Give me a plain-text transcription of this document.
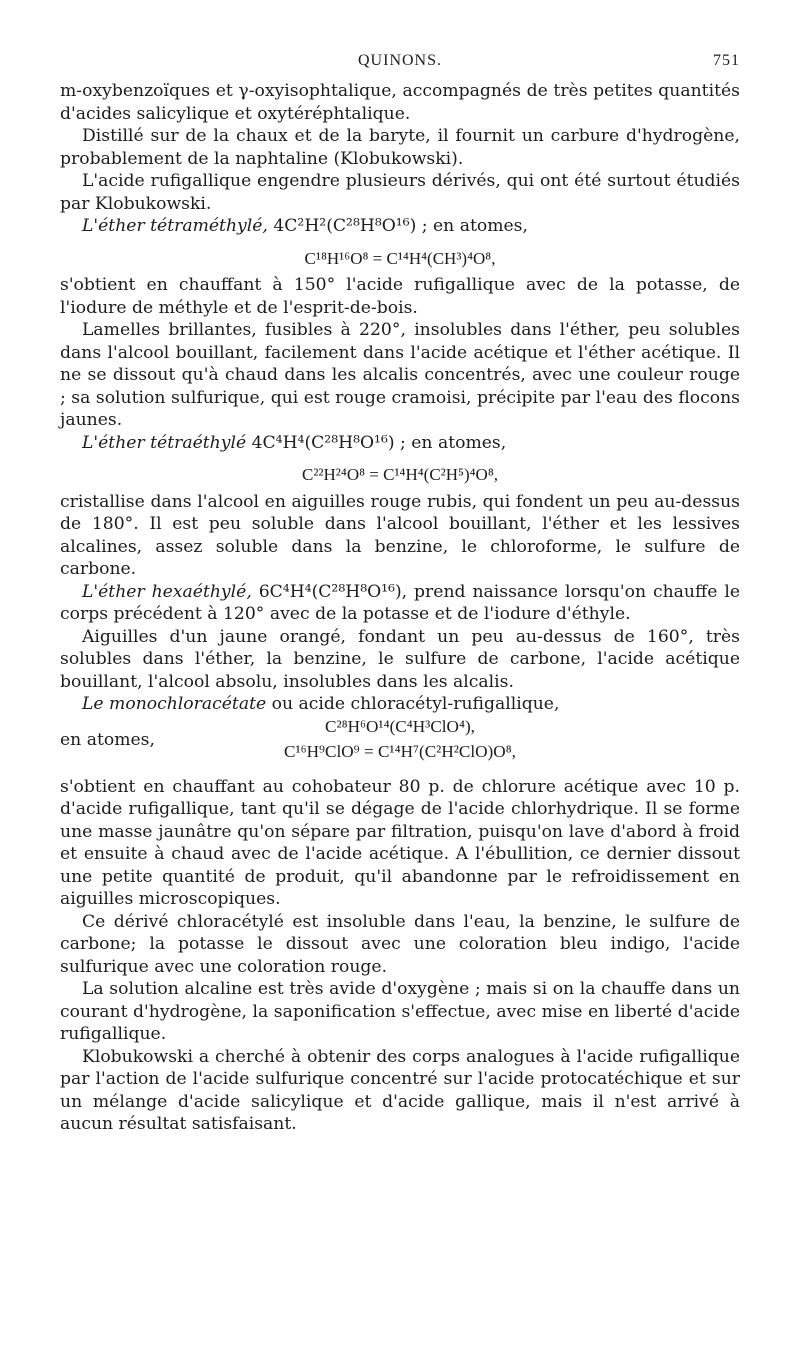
QUINONS.	751

m-oxybenzoïques et γ-oxyisophtalique, accompagnés de très petites quantités d'acides salicylique et oxytéréphtalique.

Distillé sur de la chaux et de la baryte, il fournit un carbure d'hydrogène, probablement de la naphtaline (Klobukowski).

L'acide rufigallique engendre plusieurs dérivés, qui ont été surtout étudiés par Klobukowski.

L'éther tétraméthylé, 4C²H²(C²⁸H⁸O¹⁶) ; en atomes,

C¹⁸H¹⁶O⁸ = C¹⁴H⁴(CH³)⁴O⁸,

s'obtient en chauffant à 150° l'acide rufigallique avec de la potasse, de l'iodure de méthyle et de l'esprit-de-bois.

Lamelles brillantes, fusibles à 220°, insolubles dans l'éther, peu solubles dans l'alcool bouillant, facilement dans l'acide acétique et l'éther acétique. Il ne se dissout qu'à chaud dans les alcalis concentrés, avec une couleur rouge ; sa solution sulfurique, qui est rouge cramoisi, précipite par l'eau des flocons jaunes.

L'éther tétraéthylé 4C⁴H⁴(C²⁸H⁸O¹⁶) ; en atomes,

C²²H²⁴O⁸ = C¹⁴H⁴(C²H⁵)⁴O⁸,

cristallise dans l'alcool en aiguilles rouge rubis, qui fondent un peu au-dessus de 180°. Il est peu soluble dans l'alcool bouillant, l'éther et les lessives alcalines, assez soluble dans la benzine, le chloroforme, le sulfure de carbone.

L'éther hexaéthylé, 6C⁴H⁴(C²⁸H⁸O¹⁶), prend naissance lorsqu'on chauffe le corps précédent à 120° avec de la potasse et de l'iodure d'éthyle.

Aiguilles d'un jaune orangé, fondant un peu au-dessus de 160°, très solubles dans l'éther, la benzine, le sulfure de carbone, l'acide acétique bouillant, l'alcool absolu, insolubles dans les alcalis.

Le monochloracétate ou acide chloracétyl-rufigallique,

C²⁸H⁶O¹⁴(C⁴H³ClO⁴),
en atomes,
C¹⁶H⁹ClO⁹ = C¹⁴H⁷(C²H²ClO)O⁸,

s'obtient en chauffant au cohobateur 80 p. de chlorure acétique avec 10 p. d'acide rufigallique, tant qu'il se dégage de l'acide chlorhydrique. Il se forme une masse jaunâtre qu'on sépare par filtration, puisqu'on lave d'abord à froid et ensuite à chaud avec de l'acide acétique. A l'ébullition, ce dernier dissout une petite quantité de produit, qu'il abandonne par le refroidissement en aiguilles microscopiques.

Ce dérivé chloracétylé est insoluble dans l'eau, la benzine, le sulfure de carbone; la potasse le dissout avec une coloration bleu indigo, l'acide sulfurique avec une coloration rouge.

La solution alcaline est très avide d'oxygène ; mais si on la chauffe dans un courant d'hydrogène, la saponification s'effectue, avec mise en liberté d'acide rufigallique.

Klobukowski a cherché à obtenir des corps analogues à l'acide rufigallique par l'action de l'acide sulfurique concentré sur l'acide protocatéchique et sur un mélange d'acide salicylique et d'acide gallique, mais il n'est arrivé à aucun résultat satisfaisant.
